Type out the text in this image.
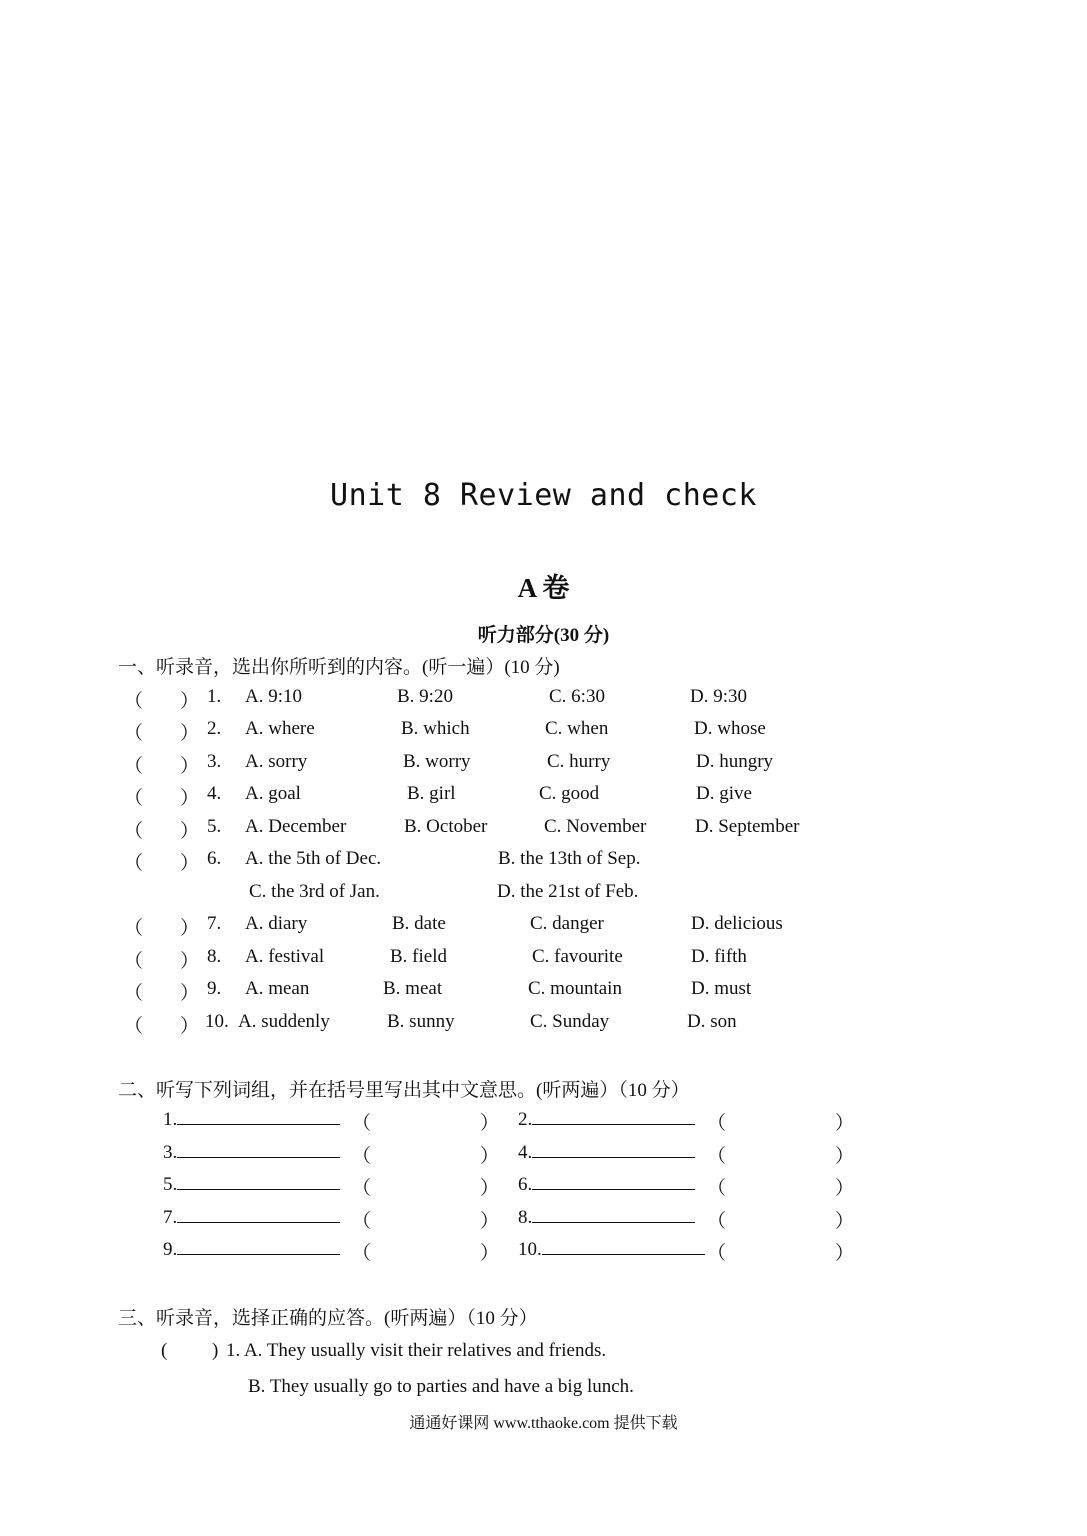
Unit 8 Review and check
A 卷
听力部分(30 分)
一、听录音，选出你所听到的内容。(听一遍）(10 分)
（ ） 1. A. 9:10	B. 9:20	C. 6:30	D. 9:30
（ ） 2. A. where	B. which	C. when	D. whose
（ ） 3. A. sorry	B. worry	C. hurry	D. hungry
（ ） 4. A. goal	B. girl	C. good	D. give
（ ） 5. A. December	B. October	C. November	D. September
（ ） 6. A. the 5th of Dec.	B. the 13th of Sep.
C. the 3rd of Jan.	D. the 21st of Feb.
（ ） 7. A. diary	B. date	C. danger	D. delicious
（ ） 8. A. festival	B. field	C. favourite	D. fifth
（ ） 9. A. mean	B. meat	C. mountain	D. must
（ ） 10. A. suddenly	B. sunny	C. Sunday	D. son
二、听写下列词组，并在括号里写出其中文意思。(听两遍）（10 分）
1.	（	） 2.	（	）
3.	（	） 4.	（	）
5.	（	） 6.	（	）
7.	（	） 8.	（	）
9.	（	） 10.	（	）
三、听录音，选择正确的应答。(听两遍）（10 分）
( ) 1. A. They usually visit their relatives and friends.
B. They usually go to parties and have a big lunch.
通通好课网 www.tthaoke.com 提供下载
